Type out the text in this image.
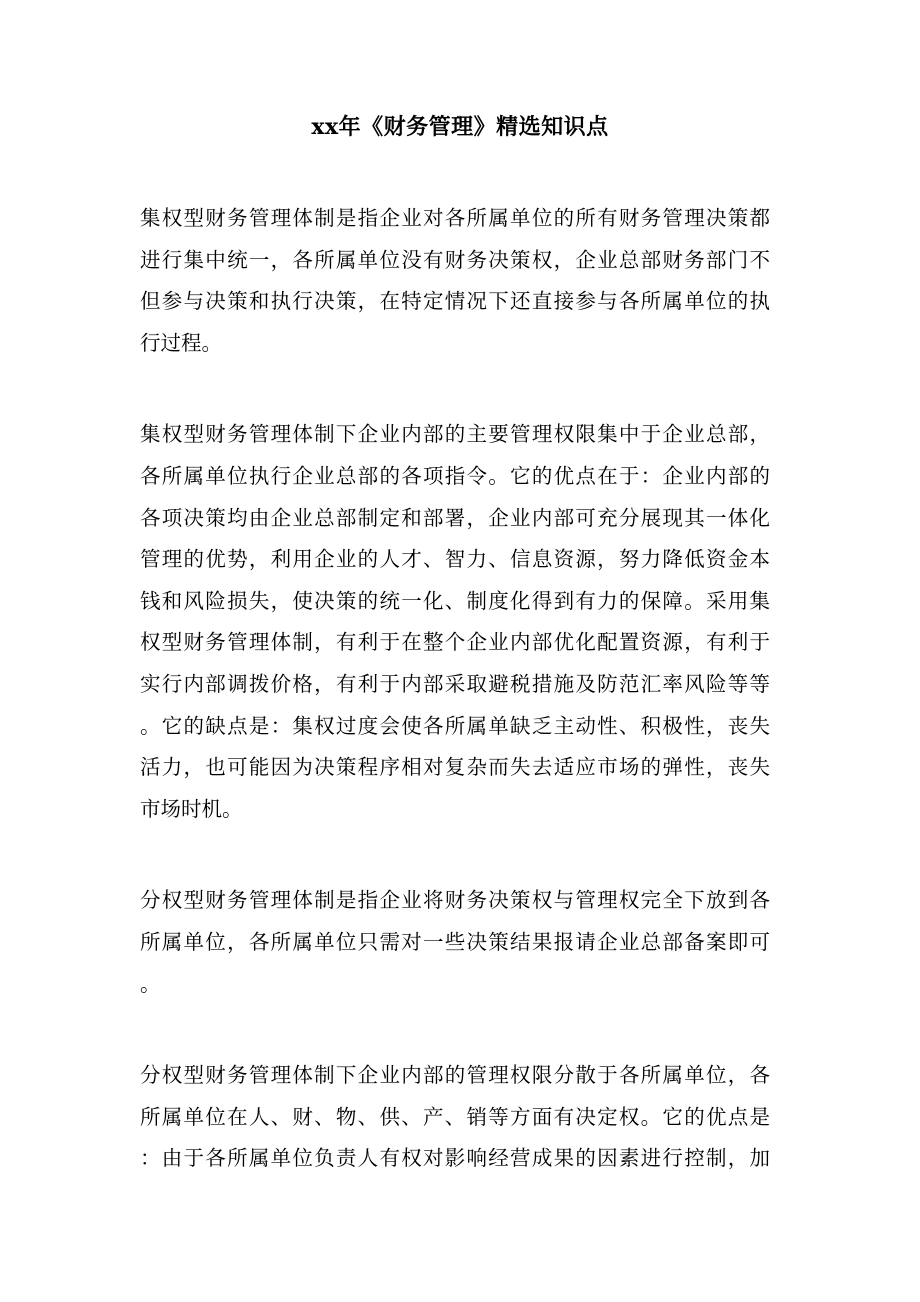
xx年《财务管理》精选知识点
集权型财务管理体制是指企业对各所属单位的所有财务管理决策都
进行集中统一，各所属单位没有财务决策权，企业总部财务部门不
但参与决策和执行决策，在特定情况下还直接参与各所属单位的执
行过程。
集权型财务管理体制下企业内部的主要管理权限集中于企业总部，
各所属单位执行企业总部的各项指令。它的优点在于：企业内部的
各项决策均由企业总部制定和部署，企业内部可充分展现其一体化
管理的优势，利用企业的人才、智力、信息资源，努力降低资金本
钱和风险损失，使决策的统一化、制度化得到有力的保障。采用集
权型财务管理体制，有利于在整个企业内部优化配置资源，有利于
实行内部调拨价格，有利于内部采取避税措施及防范汇率风险等等
。它的缺点是：集权过度会使各所属单缺乏主动性、积极性，丧失
活力，也可能因为决策程序相对复杂而失去适应市场的弹性，丧失
市场时机。
分权型财务管理体制是指企业将财务决策权与管理权完全下放到各
所属单位，各所属单位只需对一些决策结果报请企业总部备案即可
。
分权型财务管理体制下企业内部的管理权限分散于各所属单位，各
所属单位在人、财、物、供、产、销等方面有决定权。它的优点是
：由于各所属单位负责人有权对影响经营成果的因素进行控制，加
